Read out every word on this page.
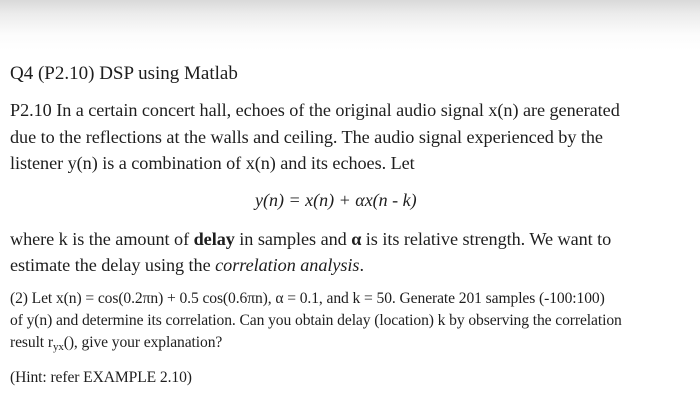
Q4 (P2.10) DSP using Matlab
P2.10 In a certain concert hall, echoes of the original audio signal x(n) are generated
due to the reflections at the walls and ceiling. The audio signal experienced by the
listener y(n) is a combination of x(n) and its echoes. Let
y(n) = x(n) + αx(n - k)
where k is the amount of delay in samples and α is its relative strength. We want to
estimate the delay using the correlation analysis.
(2) Let x(n) = cos(0.2πn) + 0.5 cos(0.6πn), α = 0.1, and k = 50. Generate 201 samples (-100:100)
of y(n) and determine its correlation. Can you obtain delay (location) k by observing the correlation
result $r_{yx}()$, give your explanation?
(Hint: refer EXAMPLE 2.10)
